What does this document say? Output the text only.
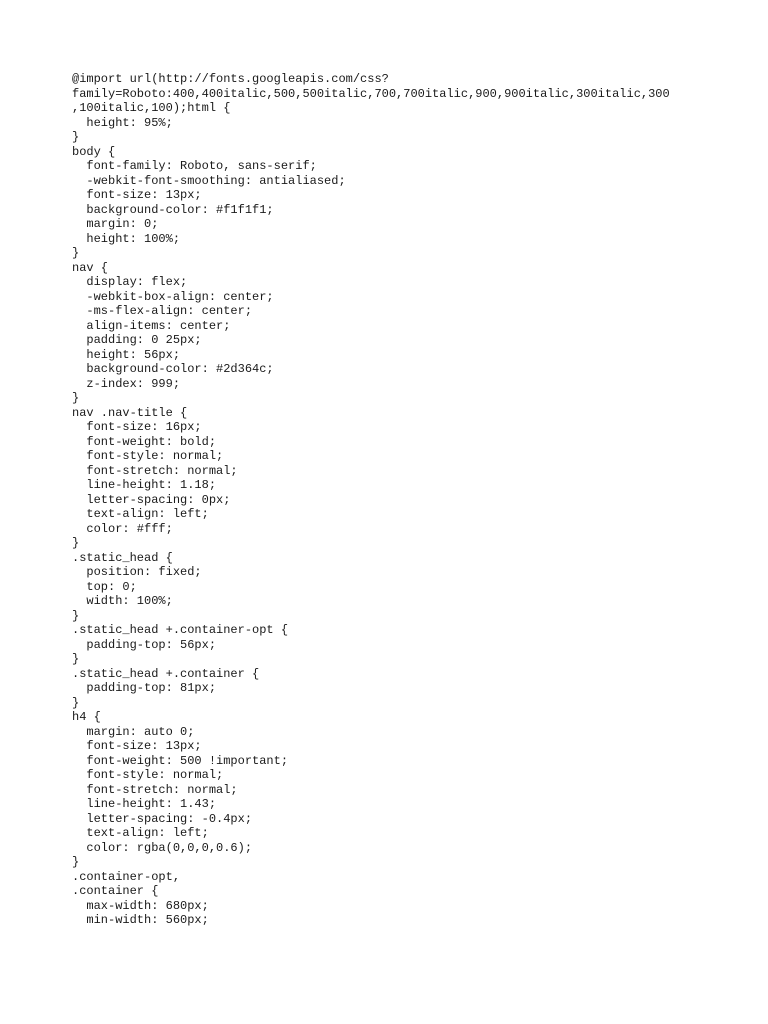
@import url(http://fonts.googleapis.com/css?
family=Roboto:400,400italic,500,500italic,700,700italic,900,900italic,300italic,300
,100italic,100);html {
height: 95%;
}
body {
font-family: Roboto, sans-serif;
-webkit-font-smoothing: antialiased;
font-size: 13px;
background-color: #f1f1f1;
margin: 0;
height: 100%;
}
nav {
display: flex;
-webkit-box-align: center;
-ms-flex-align: center;
align-items: center;
padding: 0 25px;
height: 56px;
background-color: #2d364c;
z-index: 999;
}
nav .nav-title {
font-size: 16px;
font-weight: bold;
font-style: normal;
font-stretch: normal;
line-height: 1.18;
letter-spacing: 0px;
text-align: left;
color: #fff;
}
.static_head {
position: fixed;
top: 0;
width: 100%;
}
.static_head +.container-opt {
padding-top: 56px;
}
.static_head +.container {
padding-top: 81px;
}
h4 {
margin: auto 0;
font-size: 13px;
font-weight: 500 !important;
font-style: normal;
font-stretch: normal;
line-height: 1.43;
letter-spacing: -0.4px;
text-align: left;
color: rgba(0,0,0,0.6);
}
.container-opt,
.container {
max-width: 680px;
min-width: 560px;
